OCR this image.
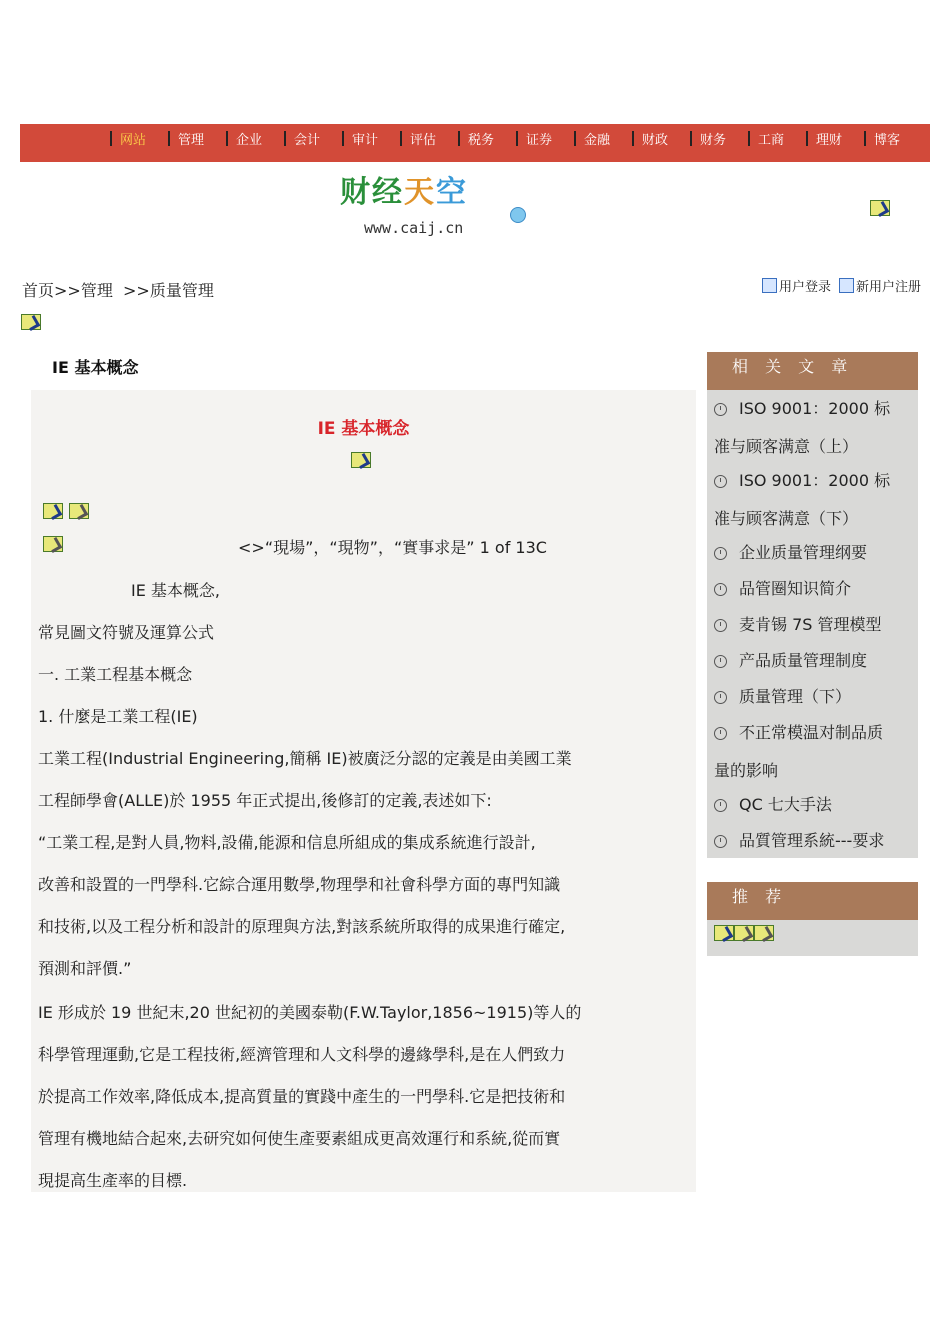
网站 管理 企业 会计 审计 评估 税务 证券 金融 财政 财务 工商 理财 博客
财经天空
www.caij.cn
首页>>管理 >>质量管理	用户登录 新用户注册
IE 基本概念
IE 基本概念
<>“現場”，“現物”，“實事求是” 1 of 13C
IE 基本概念,
常見圖文符號及運算公式
一. 工業工程基本概念
1. 什麼是工業工程(IE)
工業工程(Industrial Engineering,簡稱 IE)被廣泛分認的定義是由美國工業
工程師學會(ALLE)於 1955 年正式提出,後修訂的定義,表述如下:
“工業工程,是對人員,物料,設備,能源和信息所組成的集成系統進行設計,
改善和設置的一門學科.它綜合運用數學,物理學和社會科學方面的專門知識
和技術,以及工程分析和設計的原理與方法,對該系統所取得的成果進行確定,
預測和評價.”
IE 形成於 19 世紀末,20 世紀初的美國泰勒(F.W.Taylor,1856~1915)等人的
科學管理運動,它是工程技術,經濟管理和人文科學的邊緣學科,是在人們致力
於提高工作效率,降低成本,提高質量的實踐中產生的一門學科.它是把技術和
管理有機地結合起來,去研究如何使生產要素組成更高效運行和系統,從而實
現提高生產率的目標.
相 关 文 章
ISO 9001：2000 标
准与顾客满意（上）
ISO 9001：2000 标
准与顾客满意（下）
企业质量管理纲要
品管圈知识简介
麦肯锡 7S 管理模型
产品质量管理制度
质量管理（下）
不正常模温对制品质
量的影响
QC 七大手法
品質管理系統---要求
推 荐
